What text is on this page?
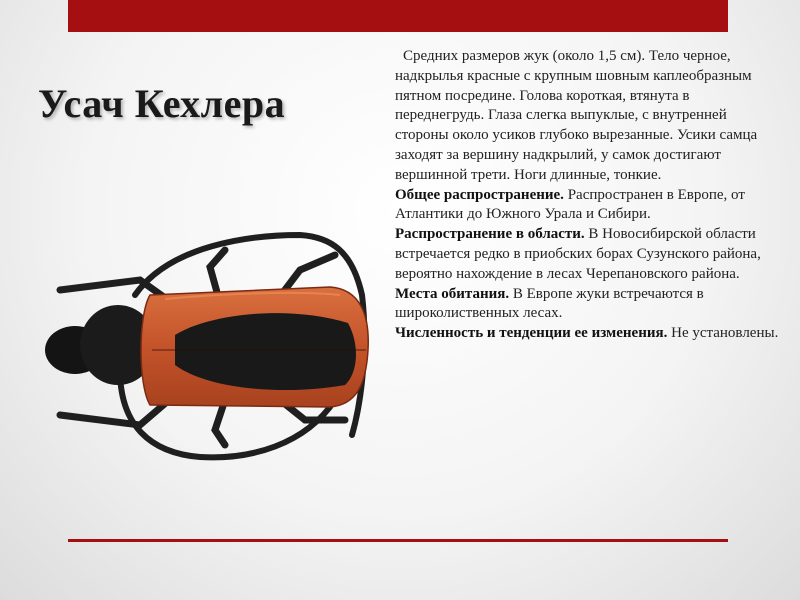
Усач Кехлера

Средних размеров жук (около 1,5 см). Тело черное, надкрылья красные с крупным шовным каплеобразным пятном посредине. Голова короткая, втянута в переднегрудь. Глаза слегка выпуклые, с внутренней стороны около усиков глубоко вырезанные. Усики самца заходят за вершину надкрылий, у самок достигают вершинной трети. Ноги длинные, тонкие.

Общее распространение. Распространен в Европе, от Атлантики до Южного Урала и Сибири.

Распространение в области. В Новосибирской области встречается редко в приобских борах Сузунского района, вероятно нахождение в лесах Черепановского района.

Места обитания. В Европе жуки встречаются в широколиственных лесах.

Численность и тенденции ее изменения. Не установлены.
